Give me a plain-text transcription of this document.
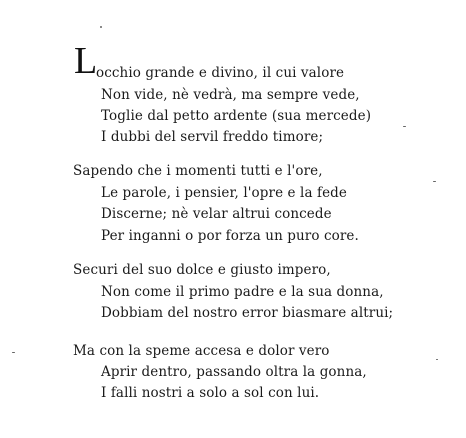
L
occhio grande e divino, il cui valore
Non vide, nè vedrà, ma sempre vede,
Toglie dal petto ardente (sua mercede)
I dubbi del servil freddo timore;
Sapendo che i momenti tutti e l'ore,
Le parole, i pensier, l'opre e la fede
Discerne; nè velar altrui concede
Per inganni o por forza un puro core.
Securi del suo dolce e giusto impero,
Non come il primo padre e la sua donna,
Dobbiam del nostro error biasmare altrui;
Ma con la speme accesa e dolor vero
Aprir dentro, passando oltra la gonna,
I falli nostri a solo a sol con lui.
